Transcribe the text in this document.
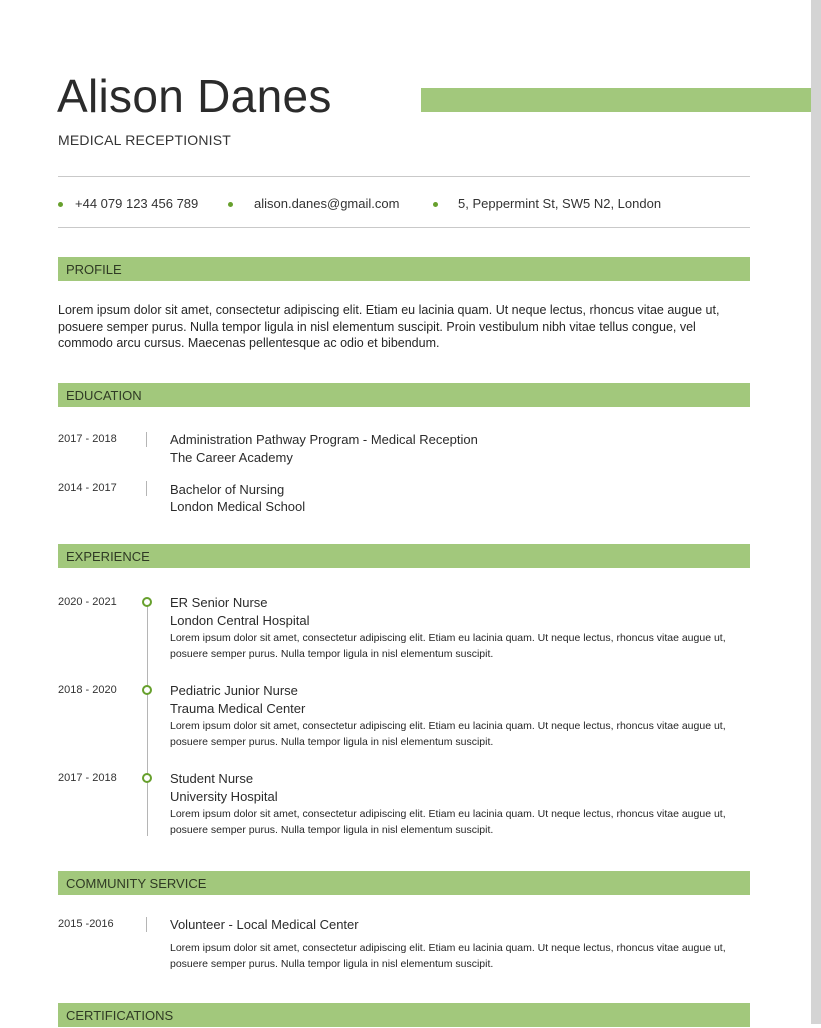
Alison Danes
MEDICAL RECEPTIONIST
+44 079 123 456 789	alison.danes@gmail.com	5, Peppermint St, SW5 N2, London
PROFILE
Lorem ipsum dolor sit amet, consectetur adipiscing elit. Etiam eu lacinia quam. Ut neque lectus, rhoncus vitae augue ut, posuere semper purus. Nulla tempor ligula in nisl elementum suscipit. Proin vestibulum nibh vitae tellus congue, vel commodo arcu cursus. Maecenas pellentesque ac odio et bibendum.
EDUCATION
2017 - 2018	Administration Pathway Program - Medical Reception
The Career Academy
2014 - 2017	Bachelor of Nursing
London Medical School
EXPERIENCE
2020 - 2021	ER Senior Nurse
London Central Hospital
Lorem ipsum dolor sit amet, consectetur adipiscing elit. Etiam eu lacinia quam. Ut neque lectus, rhoncus vitae augue ut, posuere semper purus. Nulla tempor ligula in nisl elementum suscipit.
2018 - 2020	Pediatric Junior Nurse
Trauma Medical Center
Lorem ipsum dolor sit amet, consectetur adipiscing elit. Etiam eu lacinia quam. Ut neque lectus, rhoncus vitae augue ut, posuere semper purus. Nulla tempor ligula in nisl elementum suscipit.
2017 - 2018	Student Nurse
University Hospital
Lorem ipsum dolor sit amet, consectetur adipiscing elit. Etiam eu lacinia quam. Ut neque lectus, rhoncus vitae augue ut, posuere semper purus. Nulla tempor ligula in nisl elementum suscipit.
COMMUNITY SERVICE
2015 -2016	Volunteer - Local Medical Center
Lorem ipsum dolor sit amet, consectetur adipiscing elit. Etiam eu lacinia quam. Ut neque lectus, rhoncus vitae augue ut, posuere semper purus. Nulla tempor ligula in nisl elementum suscipit.
CERTIFICATIONS
